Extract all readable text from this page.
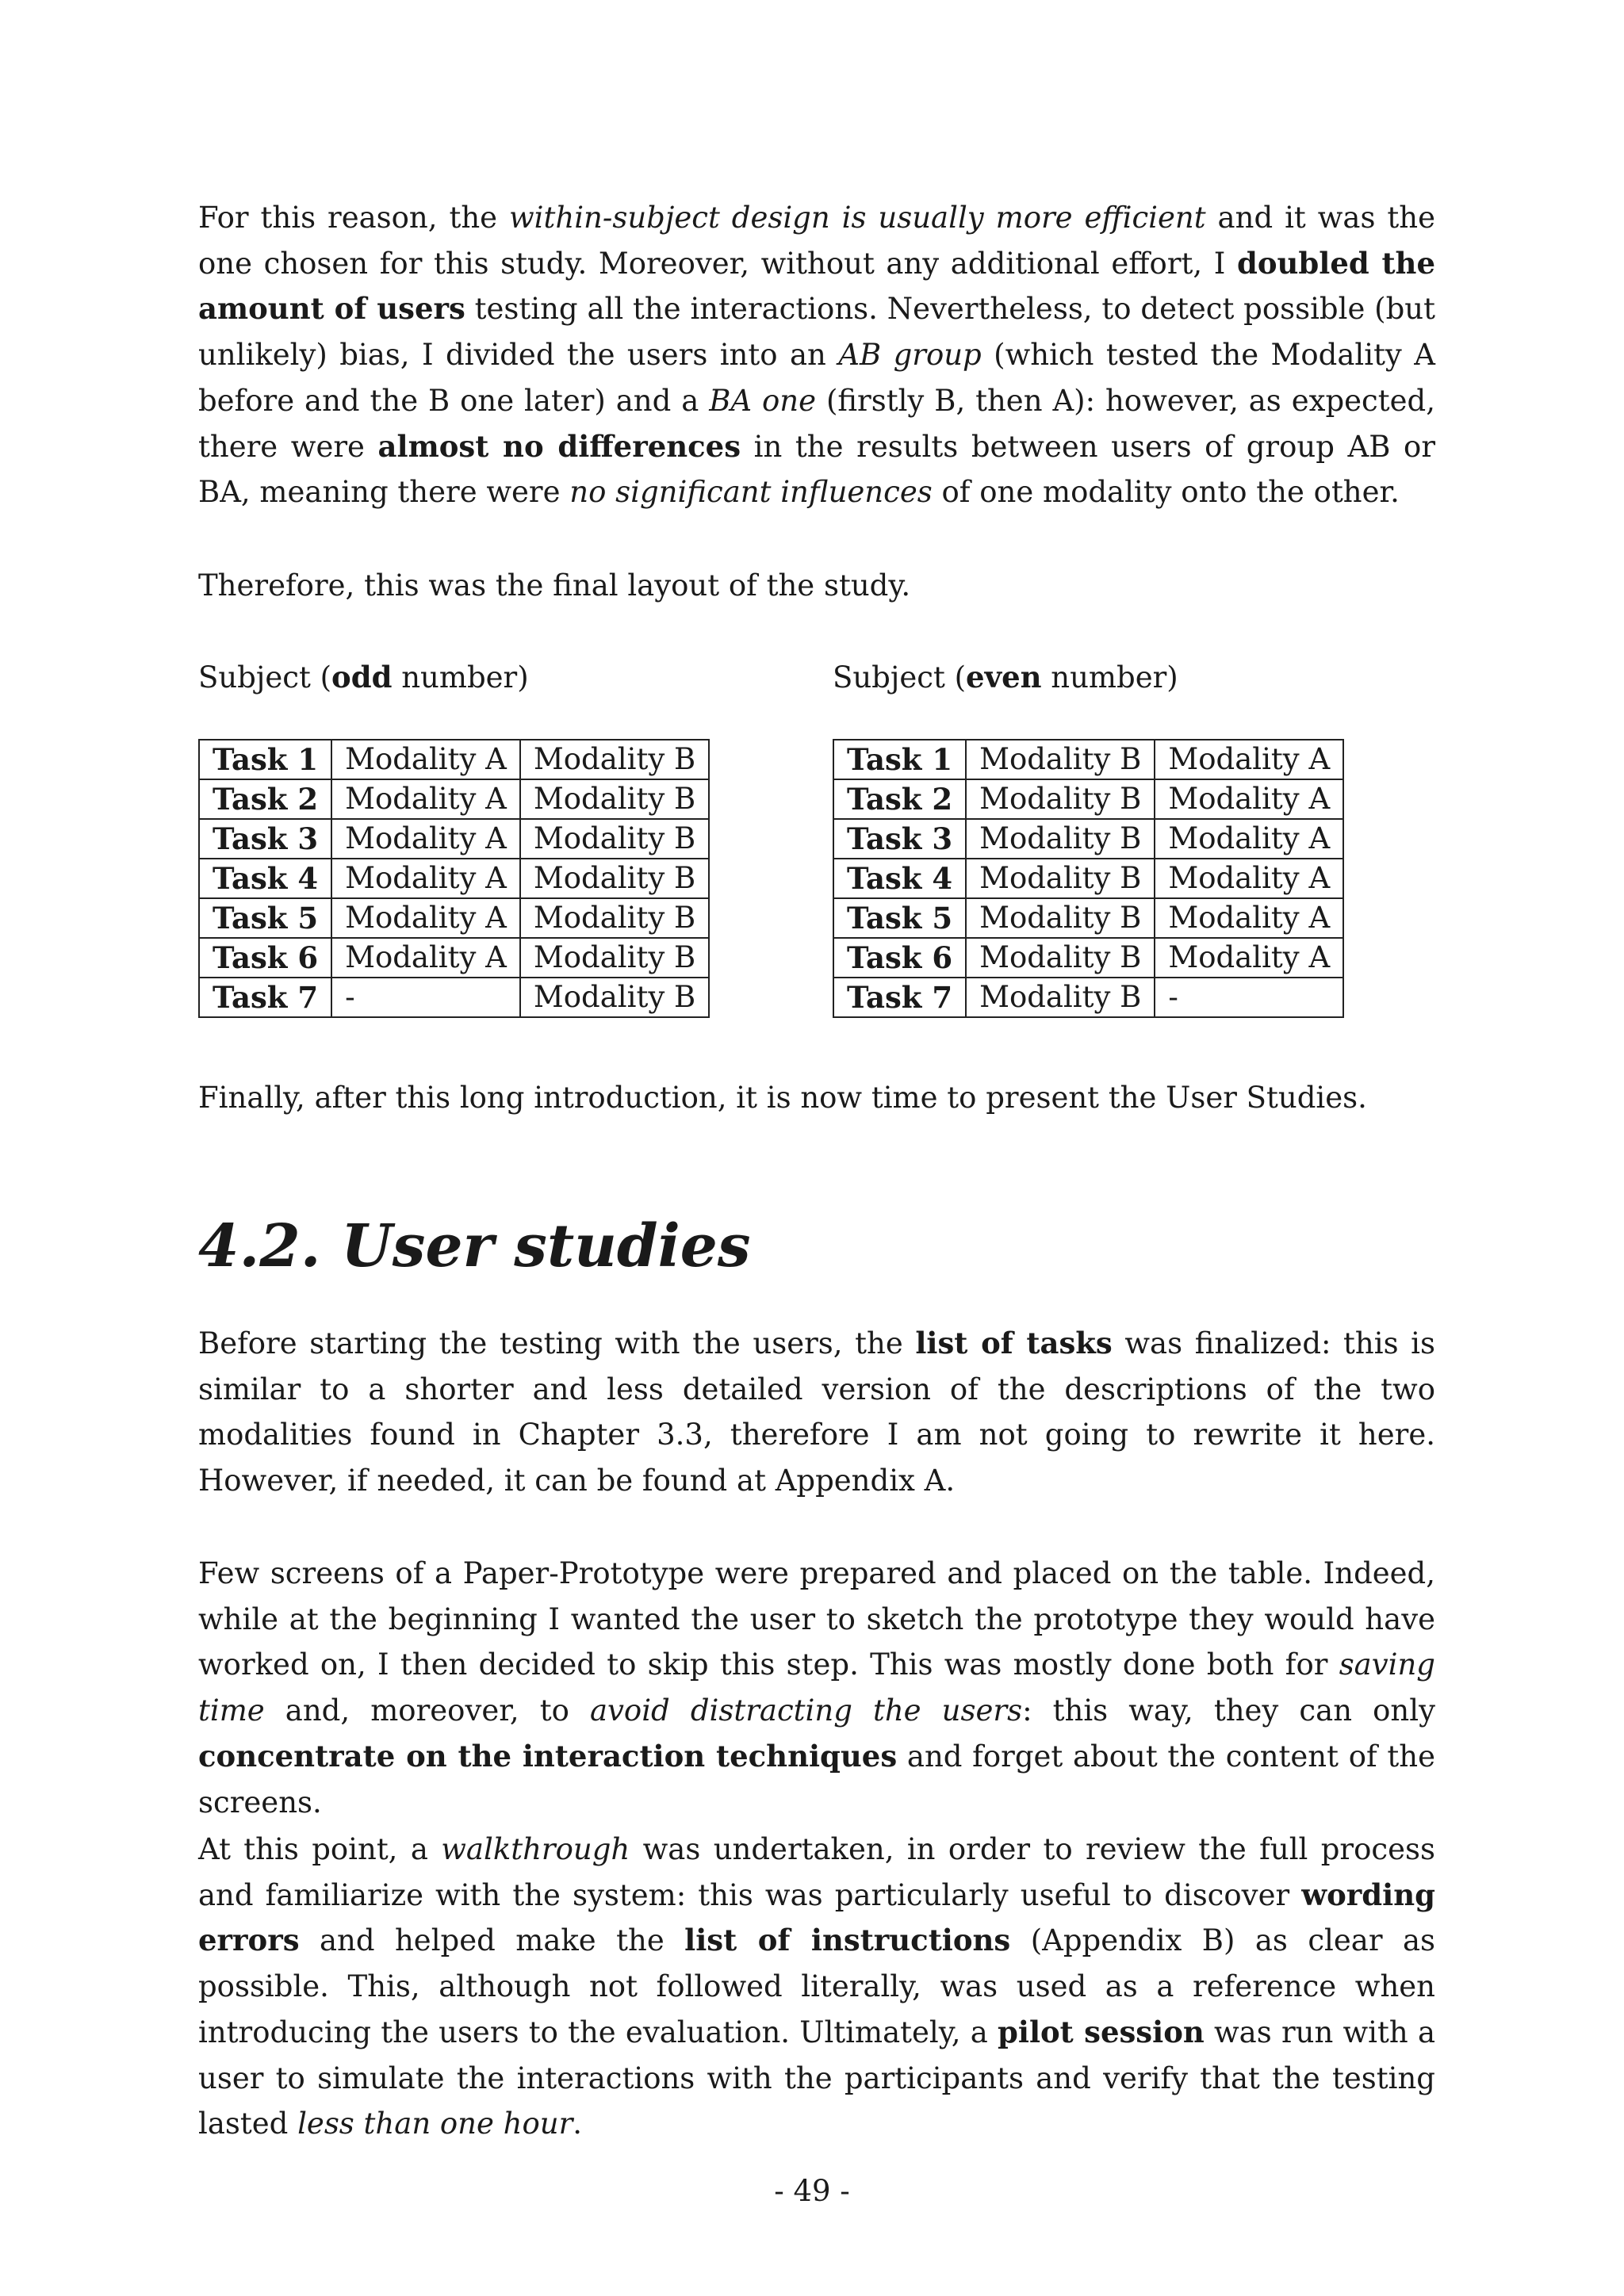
For this reason, the within-subject design is usually more efficient and it was the one chosen for this study. Moreover, without any additional effort, I doubled the amount of users testing all the interactions. Nevertheless, to detect possible (but unlikely) bias, I divided the users into an AB group (which tested the Modality A before and the B one later) and a BA one (firstly B, then A): however, as expected, there were almost no differences in the results between users of group AB or BA, meaning there were no significant influences of one modality onto the other.

Therefore, this was the final layout of the study.

Subject (odd number)	Subject (even number)
Task 1	Modality A	Modality B
Task 2	Modality A	Modality B
Task 3	Modality A	Modality B
Task 4	Modality A	Modality B
Task 5	Modality A	Modality B
Task 6	Modality A	Modality B
Task 7	-	Modality B
Task 1	Modality B	Modality A
Task 2	Modality B	Modality A
Task 3	Modality B	Modality A
Task 4	Modality B	Modality A
Task 5	Modality B	Modality A
Task 6	Modality B	Modality A
Task 7	Modality B	-

Finally, after this long introduction, it is now time to present the User Studies.

4.2. User studies

Before starting the testing with the users, the list of tasks was finalized: this is similar to a shorter and less detailed version of the descriptions of the two modalities found in Chapter 3.3, therefore I am not going to rewrite it here. However, if needed, it can be found at Appendix A.

Few screens of a Paper-Prototype were prepared and placed on the table. Indeed, while at the beginning I wanted the user to sketch the prototype they would have worked on, I then decided to skip this step. This was mostly done both for saving time and, moreover, to avoid distracting the users: this way, they can only concentrate on the interaction techniques and forget about the content of the screens.

At this point, a walkthrough was undertaken, in order to review the full process and familiarize with the system: this was particularly useful to discover wording errors and helped make the list of instructions (Appendix B) as clear as possible. This, although not followed literally, was used as a reference when introducing the users to the evaluation. Ultimately, a pilot session was run with a user to simulate the interactions with the participants and verify that the testing lasted less than one hour.

- 49 -
